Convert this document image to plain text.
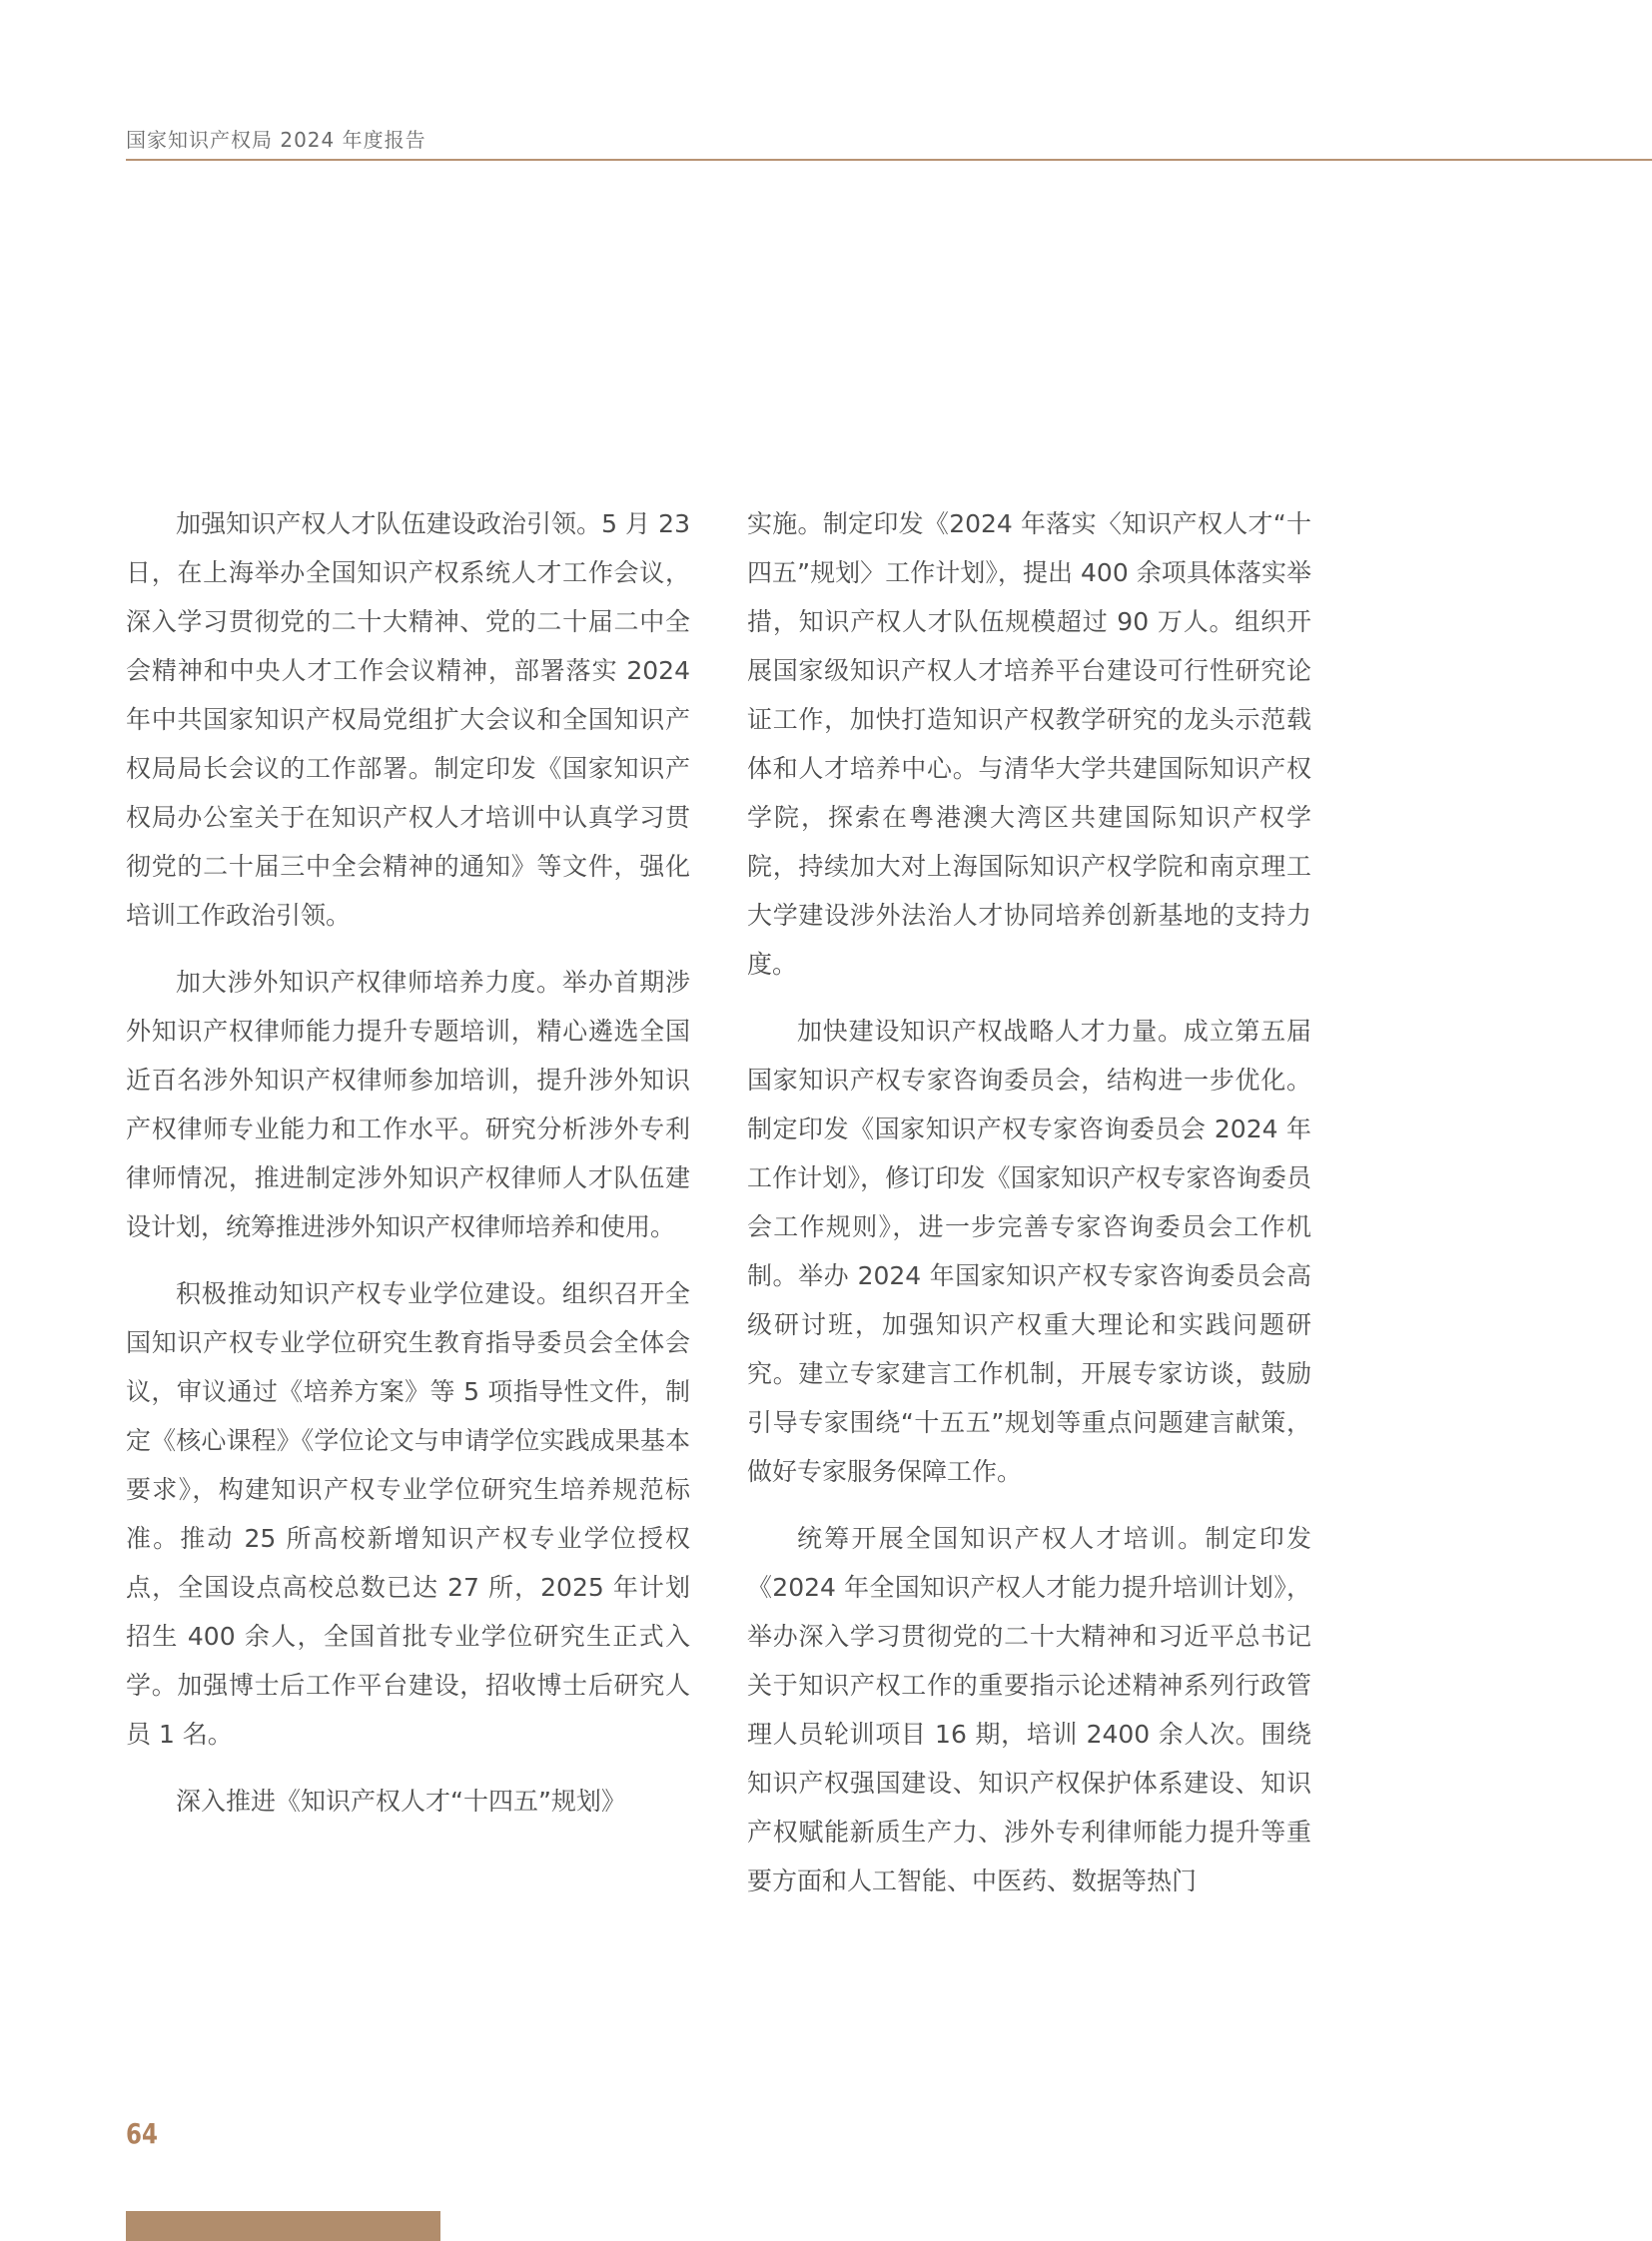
国家知识产权局 2024 年度报告

加强知识产权人才队伍建设政治引领。5 月 23 日，在上海举办全国知识产权系统人才工作会议，深入学习贯彻党的二十大精神、党的二十届二中全会精神和中央人才工作会议精神，部署落实 2024 年中共国家知识产权局党组扩大会议和全国知识产权局局长会议的工作部署。制定印发《国家知识产权局办公室关于在知识产权人才培训中认真学习贯彻党的二十届三中全会精神的通知》等文件，强化培训工作政治引领。

加大涉外知识产权律师培养力度。举办首期涉外知识产权律师能力提升专题培训，精心遴选全国近百名涉外知识产权律师参加培训，提升涉外知识产权律师专业能力和工作水平。研究分析涉外专利律师情况，推进制定涉外知识产权律师人才队伍建设计划，统筹推进涉外知识产权律师培养和使用。

积极推动知识产权专业学位建设。组织召开全国知识产权专业学位研究生教育指导委员会全体会议，审议通过《培养方案》等 5 项指导性文件，制定《核心课程》《学位论文与申请学位实践成果基本要求》，构建知识产权专业学位研究生培养规范标准。推动 25 所高校新增知识产权专业学位授权点，全国设点高校总数已达 27 所，2025 年计划招生 400 余人，全国首批专业学位研究生正式入学。加强博士后工作平台建设，招收博士后研究人员 1 名。

深入推进《知识产权人才“十四五”规划》

实施。制定印发《2024 年落实〈知识产权人才“十四五”规划〉工作计划》，提出 400 余项具体落实举措，知识产权人才队伍规模超过 90 万人。组织开展国家级知识产权人才培养平台建设可行性研究论证工作，加快打造知识产权教学研究的龙头示范载体和人才培养中心。与清华大学共建国际知识产权学院，探索在粤港澳大湾区共建国际知识产权学院，持续加大对上海国际知识产权学院和南京理工大学建设涉外法治人才协同培养创新基地的支持力度。

加快建设知识产权战略人才力量。成立第五届国家知识产权专家咨询委员会，结构进一步优化。制定印发《国家知识产权专家咨询委员会 2024 年工作计划》，修订印发《国家知识产权专家咨询委员会工作规则》，进一步完善专家咨询委员会工作机制。举办 2024 年国家知识产权专家咨询委员会高级研讨班，加强知识产权重大理论和实践问题研究。建立专家建言工作机制，开展专家访谈，鼓励引导专家围绕“十五五”规划等重点问题建言献策，做好专家服务保障工作。

统筹开展全国知识产权人才培训。制定印发《2024 年全国知识产权人才能力提升培训计划》，举办深入学习贯彻党的二十大精神和习近平总书记关于知识产权工作的重要指示论述精神系列行政管理人员轮训项目 16 期，培训 2400 余人次。围绕知识产权强国建设、知识产权保护体系建设、知识产权赋能新质生产力、涉外专利律师能力提升等重要方面和人工智能、中医药、数据等热门

64
